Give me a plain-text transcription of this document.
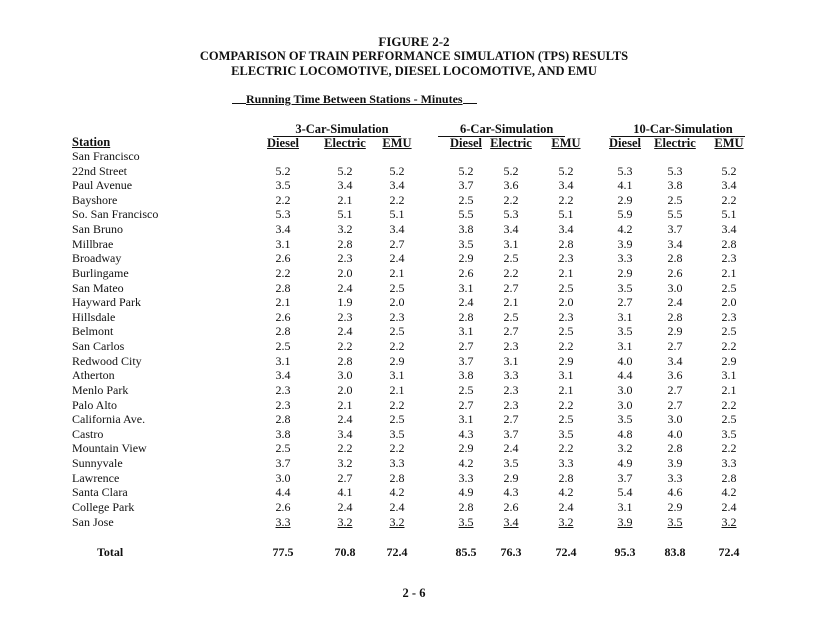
FIGURE 2-2
COMPARISON OF TRAIN PERFORMANCE SIMULATION (TPS) RESULTS
ELECTRIC LOCOMOTIVE, DIESEL LOCOMOTIVE, AND EMU
Running Time Between Stations - Minutes
3-Car-Simulation	6-Car-Simulation	10-Car-Simulation
Station	Diesel	Electric	EMU	Diesel Electric	EMU	Diesel	Electric	EMU
San Francisco
22nd Street	5.2	5.2	5.2	5.2	5.2	5.2	5.3	5.3	5.2
Paul Avenue	3.5	3.4	3.4	3.7	3.6	3.4	4.1	3.8	3.4
Bayshore	2.2	2.1	2.2	2.5	2.2	2.2	2.9	2.5	2.2
So. San Francisco	5.3	5.1	5.1	5.5	5.3	5.1	5.9	5.5	5.1
San Bruno	3.4	3.2	3.4	3.8	3.4	3.4	4.2	3.7	3.4
Millbrae	3.1	2.8	2.7	3.5	3.1	2.8	3.9	3.4	2.8
Broadway	2.6	2.3	2.4	2.9	2.5	2.3	3.3	2.8	2.3
Burlingame	2.2	2.0	2.1	2.6	2.2	2.1	2.9	2.6	2.1
San Mateo	2.8	2.4	2.5	3.1	2.7	2.5	3.5	3.0	2.5
Hayward Park	2.1	1.9	2.0	2.4	2.1	2.0	2.7	2.4	2.0
Hillsdale	2.6	2.3	2.3	2.8	2.5	2.3	3.1	2.8	2.3
Belmont	2.8	2.4	2.5	3.1	2.7	2.5	3.5	2.9	2.5
San Carlos	2.5	2.2	2.2	2.7	2.3	2.2	3.1	2.7	2.2
Redwood City	3.1	2.8	2.9	3.7	3.1	2.9	4.0	3.4	2.9
Atherton	3.4	3.0	3.1	3.8	3.3	3.1	4.4	3.6	3.1
Menlo Park	2.3	2.0	2.1	2.5	2.3	2.1	3.0	2.7	2.1
Palo Alto	2.3	2.1	2.2	2.7	2.3	2.2	3.0	2.7	2.2
California Ave.	2.8	2.4	2.5	3.1	2.7	2.5	3.5	3.0	2.5
Castro	3.8	3.4	3.5	4.3	3.7	3.5	4.8	4.0	3.5
Mountain View	2.5	2.2	2.2	2.9	2.4	2.2	3.2	2.8	2.2
Sunnyvale	3.7	3.2	3.3	4.2	3.5	3.3	4.9	3.9	3.3
Lawrence	3.0	2.7	2.8	3.3	2.9	2.8	3.7	3.3	2.8
Santa Clara	4.4	4.1	4.2	4.9	4.3	4.2	5.4	4.6	4.2
College Park	2.6	2.4	2.4	2.8	2.6	2.4	3.1	2.9	2.4
San Jose	3.3	3.2	3.2	3.5	3.4	3.2	3.9	3.5	3.2
Total	77.5	70.8	72.4	85.5	76.3	72.4	95.3	83.8	72.4
2 - 6
